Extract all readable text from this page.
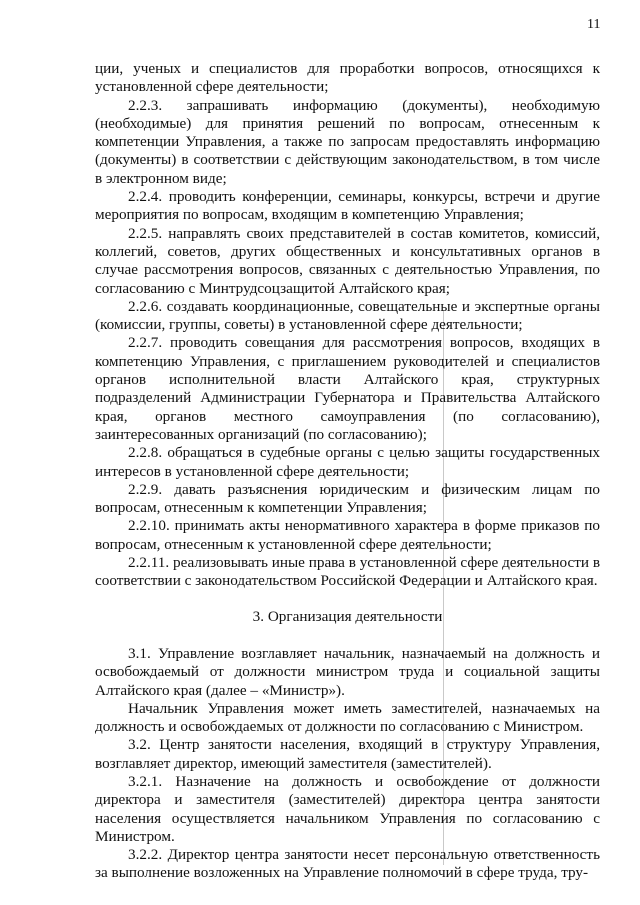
11

ции, ученых и специалистов для проработки вопросов, относящихся к установленной сфере деятельности;

2.2.3. запрашивать информацию (документы), необходимую (необходимые) для принятия решений по вопросам, отнесенным к компетенции Управления, а также по запросам предоставлять информацию (документы) в соответствии с действующим законодательством, в том числе в электронном виде;

2.2.4. проводить конференции, семинары, конкурсы, встречи и другие мероприятия по вопросам, входящим в компетенцию Управления;

2.2.5. направлять своих представителей в состав комитетов, комиссий, коллегий, советов, других общественных и консультативных органов в случае рассмотрения вопросов, связанных с деятельностью Управления, по согласованию с Минтрудсоцзащитой Алтайского края;

2.2.6. создавать координационные, совещательные и экспертные органы (комиссии, группы, советы) в установленной сфере деятельности;

2.2.7. проводить совещания для рассмотрения вопросов, входящих в компетенцию Управления, с приглашением руководителей и специалистов органов исполнительной власти Алтайского края, структурных подразделений Администрации Губернатора и Правительства Алтайского края, органов местного самоуправления (по согласованию), заинтересованных организаций (по согласованию);

2.2.8. обращаться в судебные органы с целью защиты государственных интересов в установленной сфере деятельности;

2.2.9. давать разъяснения юридическим и физическим лицам по вопросам, отнесенным к компетенции Управления;

2.2.10. принимать акты ненормативного характера в форме приказов по вопросам, отнесенным к установленной сфере деятельности;

2.2.11. реализовывать иные права в установленной сфере деятельности в соответствии с законодательством Российской Федерации и Алтайского края.

3. Организация деятельности

3.1. Управление возглавляет начальник, назначаемый на должность и освобождаемый от должности министром труда и социальной защиты Алтайского края (далее – «Министр»).

Начальник Управления может иметь заместителей, назначаемых на должность и освобождаемых от должности по согласованию с Министром.

3.2. Центр занятости населения, входящий в структуру Управления, возглавляет директор, имеющий заместителя (заместителей).

3.2.1. Назначение на должность и освобождение от должности директора и заместителя (заместителей) директора центра занятости населения осуществляется начальником Управления по согласованию с Министром.

3.2.2. Директор центра занятости несет персональную ответственность за выполнение возложенных на Управление полномочий в сфере труда, тру-
